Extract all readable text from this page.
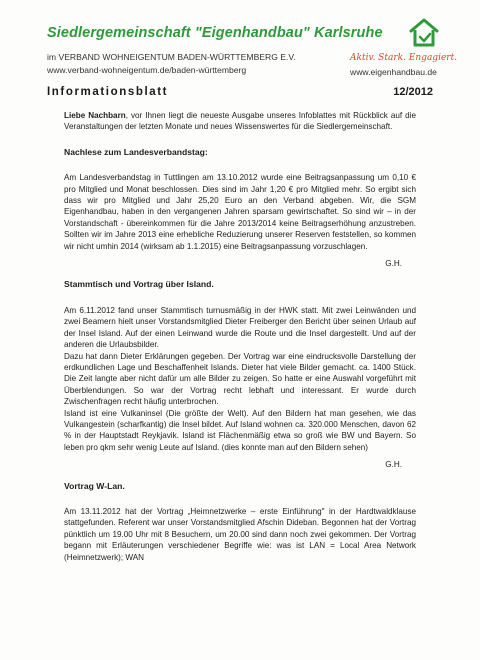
Siedlergemeinschaft "Eigenhandbau" Karlsruhe
im VERBAND WOHNEIGENTUM BADEN-WÜRTTEMBERG E.V.
www.verband-wohneigentum.de/baden-württemberg
Aktiv. Stark. Engagiert.
www.eigenhandbau.de
Informationsblatt	12/2012
Liebe Nachbarn, vor Ihnen liegt die neueste Ausgabe unseres Infoblattes mit Rückblick auf die Veranstaltungen der letzten Monate und neues Wissenswertes für die Siedlergemeinschaft.
Nachlese zum Landesverbandstag:
Am Landesverbandstag in Tuttlingen am 13.10.2012 wurde eine Beitragsanpassung um 0,10 € pro Mitglied und Monat beschlossen. Dies sind im Jahr 1,20 € pro Mitglied mehr. So ergibt sich dass wir pro Mitglied und Jahr 25,20 Euro an den Verband abgeben. Wir, die SGM Eigenhandbau, haben in den vergangenen Jahren sparsam gewirtschaftet. So sind wir – in der Vorstandschaft - übereinkommen für die Jahre 2013/2014 keine Beitragserhöhung anzustreben. Sollten wir im Jahre 2013 eine erhebliche Reduzierung unserer Reserven feststellen, so kommen wir nicht umhin 2014 (wirksam ab 1.1.2015) eine Beitragsanpassung vorzuschlagen.
G.H.
Stammtisch und Vortrag über Island.
Am 6.11.2012 fand unser Stammtisch turnusmäßig in der HWK statt. Mit zwei Leinwänden und zwei Beamern hielt unser Vorstandsmitglied Dieter Freiberger den Bericht über seinen Urlaub auf der Insel Island. Auf der einen Leinwand wurde die Route und die Insel dargestellt. Und auf der anderen die Urlaubsbilder.
Dazu hat dann Dieter Erklärungen gegeben. Der Vortrag war eine eindrucksvolle Darstellung der erdkundlichen Lage und Beschaffenheit Islands. Dieter hat viele Bilder gemacht. ca. 1400 Stück. Die Zeit langte aber nicht dafür um alle Bilder zu zeigen. So hatte er eine Auswahl vorgeführt mit Überblendungen. So war der Vortrag recht lebhaft und interessant. Er wurde durch Zwischenfragen recht häufig unterbrochen.
Island ist eine Vulkaninsel (Die größte der Welt). Auf den Bildern hat man gesehen, wie das Vulkangestein (scharfkantig) die Insel bildet. Auf Island wohnen ca. 320.000 Menschen, davon 62 % in der Hauptstadt Reykjavik. Island ist Flächenmäßig etwa so groß wie BW und Bayern. So leben pro qkm sehr wenig Leute auf Island. (dies konnte man auf den Bildern sehen)
G.H.
Vortrag W-Lan.
Am 13.11.2012 hat der Vortrag „Heimnetzwerke – erste Einführung" in der Hardtwaldklause stattgefunden. Referent war unser Vorstandsmitglied Afschin Dideban. Begonnen hat der Vortrag pünktlich um 19.00 Uhr mit 8 Besuchern, um 20.00 sind dann noch zwei gekommen. Der Vortrag begann mit Erläuterungen verschiedener Begriffe wie: was ist LAN = Local Area Network (Heimnetzwerk); WAN
